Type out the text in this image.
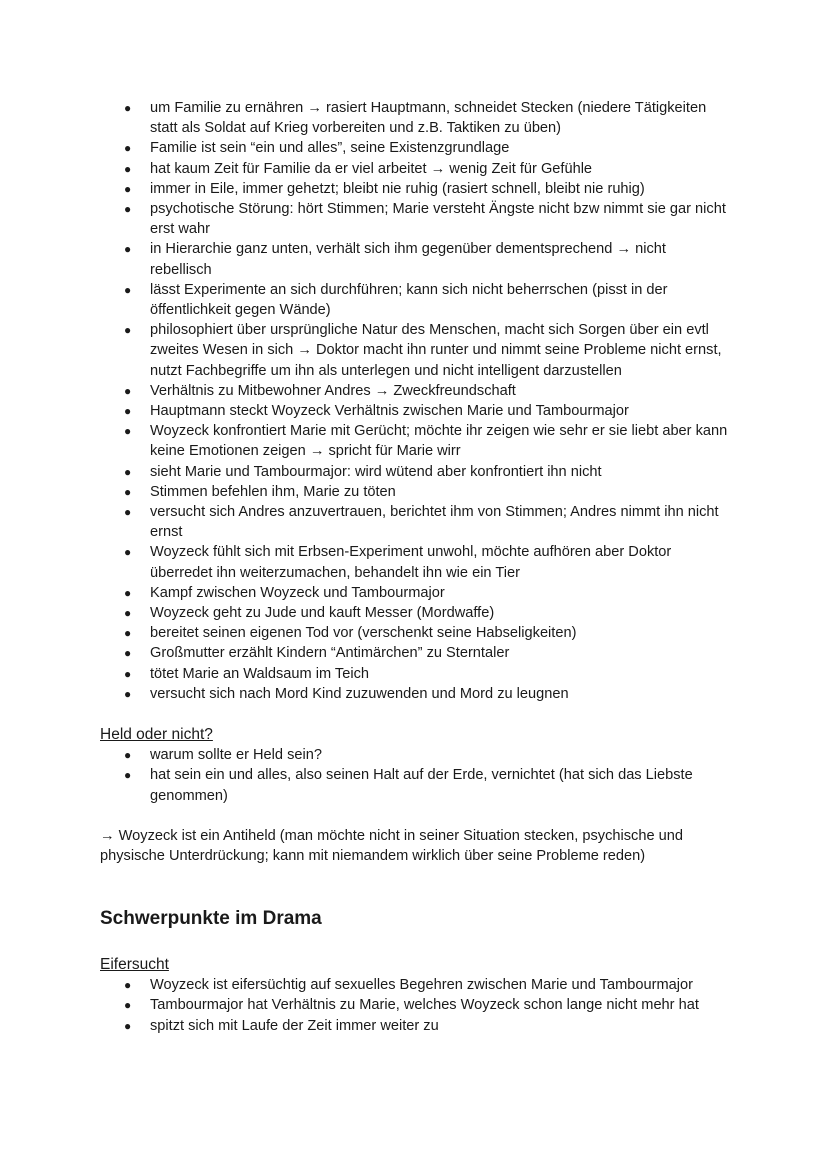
● um Familie zu ernähren → rasiert Hauptmann, schneidet Stecken (niedere Tätigkeiten statt als Soldat auf Krieg vorbereiten und z.B. Taktiken zu üben)
● Familie ist sein “ein und alles”, seine Existenzgrundlage
● hat kaum Zeit für Familie da er viel arbeitet → wenig Zeit für Gefühle
● immer in Eile, immer gehetzt; bleibt nie ruhig (rasiert schnell, bleibt nie ruhig)
● psychotische Störung: hört Stimmen; Marie versteht Ängste nicht bzw nimmt sie gar nicht erst wahr
● in Hierarchie ganz unten, verhält sich ihm gegenüber dementsprechend → nicht rebellisch
● lässt Experimente an sich durchführen; kann sich nicht beherrschen (pisst in der öffentlichkeit gegen Wände)
● philosophiert über ursprüngliche Natur des Menschen, macht sich Sorgen über ein evtl zweites Wesen in sich → Doktor macht ihn runter und nimmt seine Probleme nicht ernst, nutzt Fachbegriffe um ihn als unterlegen und nicht intelligent darzustellen
● Verhältnis zu Mitbewohner Andres → Zweckfreundschaft
● Hauptmann steckt Woyzeck Verhältnis zwischen Marie und Tambourmajor
● Woyzeck konfrontiert Marie mit Gerücht; möchte ihr zeigen wie sehr er sie liebt aber kann keine Emotionen zeigen → spricht für Marie wirr
● sieht Marie und Tambourmajor: wird wütend aber konfrontiert ihn nicht
● Stimmen befehlen ihm, Marie zu töten
● versucht sich Andres anzuvertrauen, berichtet ihm von Stimmen; Andres nimmt ihn nicht ernst
● Woyzeck fühlt sich mit Erbsen-Experiment unwohl, möchte aufhören aber Doktor überredet ihn weiterzumachen, behandelt ihn wie ein Tier
● Kampf zwischen Woyzeck und Tambourmajor
● Woyzeck geht zu Jude und kauft Messer (Mordwaffe)
● bereitet seinen eigenen Tod vor (verschenkt seine Habseligkeiten)
● Großmutter erzählt Kindern “Antimärchen” zu Sterntaler
● tötet Marie an Waldsaum im Teich
● versucht sich nach Mord Kind zuzuwenden und Mord zu leugnen

Held oder nicht?

● warum sollte er Held sein?
● hat sein ein und alles, also seinen Halt auf der Erde, vernichtet (hat sich das Liebste genommen)

→ Woyzeck ist ein Antiheld (man möchte nicht in seiner Situation stecken, psychische und physische Unterdrückung; kann mit niemandem wirklich über seine Probleme reden)

Schwerpunkte im Drama

Eifersucht

● Woyzeck ist eifersüchtig auf sexuelles Begehren zwischen Marie und Tambourmajor
● Tambourmajor hat Verhältnis zu Marie, welches Woyzeck schon lange nicht mehr hat
● spitzt sich mit Laufe der Zeit immer weiter zu
